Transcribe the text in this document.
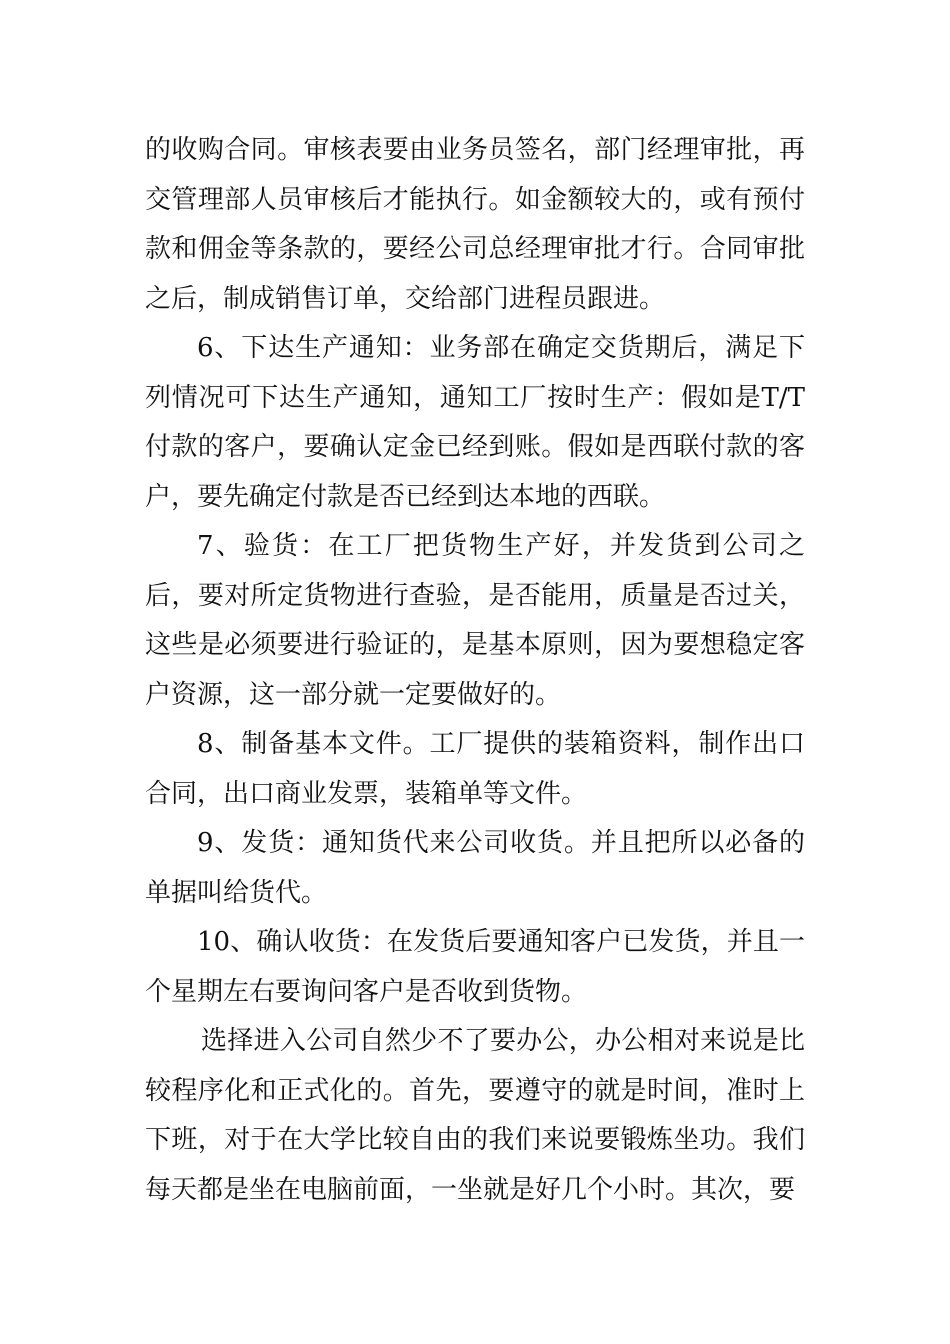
的收购合同。审核表要由业务员签名，部门经理审批，再交管理部人员审核后才能执行。如金额较大的，或有预付款和佣金等条款的，要经公司总经理审批才行。合同审批之后，制成销售订单，交给部门进程员跟进。

6、下达生产通知：业务部在确定交货期后，满足下列情况可下达生产通知，通知工厂按时生产：假如是T/T付款的客户，要确认定金已经到账。假如是西联付款的客户，要先确定付款是否已经到达本地的西联。

7、验货：在工厂把货物生产好，并发货到公司之后，要对所定货物进行查验，是否能用，质量是否过关，这些是必须要进行验证的，是基本原则，因为要想稳定客户资源，这一部分就一定要做好的。

8、制备基本文件。工厂提供的装箱资料，制作出口合同，出口商业发票，装箱单等文件。

9、发货：通知货代来公司收货。并且把所以必备的单据叫给货代。

10、确认收货：在发货后要通知客户已发货，并且一个星期左右要询问客户是否收到货物。

选择进入公司自然少不了要办公，办公相对来说是比较程序化和正式化的。首先，要遵守的就是时间，准时上下班，对于在大学比较自由的我们来说要锻炼坐功。我们每天都是坐在电脑前面，一坐就是好几个小时。其次，要
